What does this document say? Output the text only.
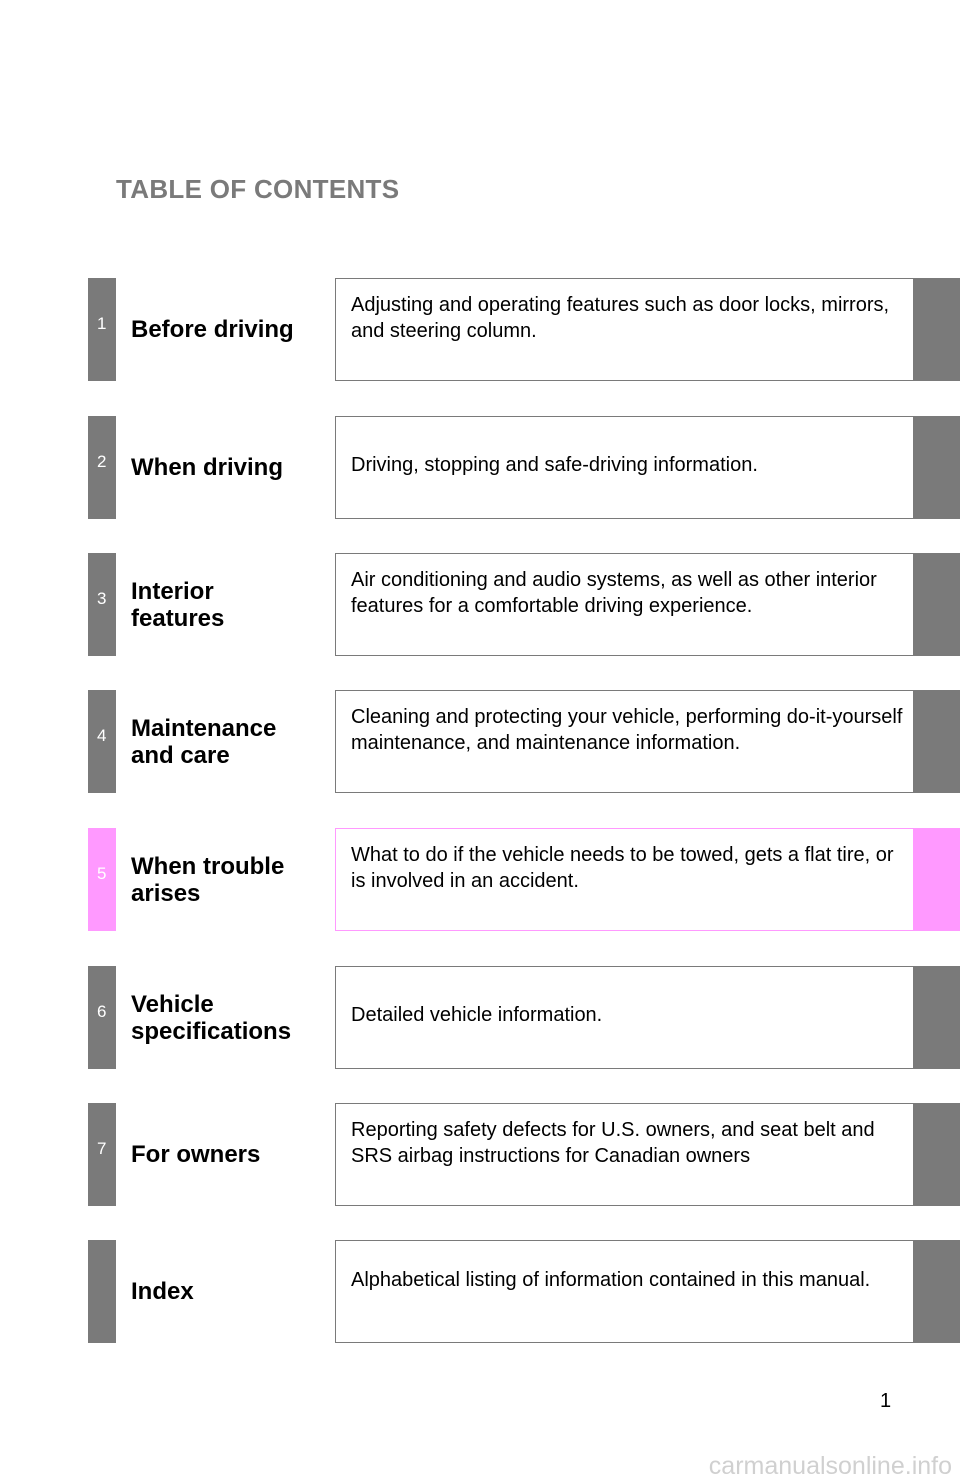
TABLE OF CONTENTS
1 Before driving
Adjusting and operating features such as door locks, mirrors, and steering column.
2 When driving	Driving, stopping and safe-driving information.
3 Interior
features
Air conditioning and audio systems, as well as other interior features for a comfortable driving experience.
4 Maintenance
and care
Cleaning and protecting your vehicle, performing do-it-yourself maintenance, and maintenance information.
5 When trouble
arises
What to do if the vehicle needs to be towed, gets a flat tire, or is involved in an accident.
6 Vehicle
specifications
Detailed vehicle information.
7 For owners
Reporting safety defects for U.S. owners, and seat belt and SRS airbag instructions for Canadian owners
Index	Alphabetical listing of information contained in this manual.
1
carmanualsonline.info
